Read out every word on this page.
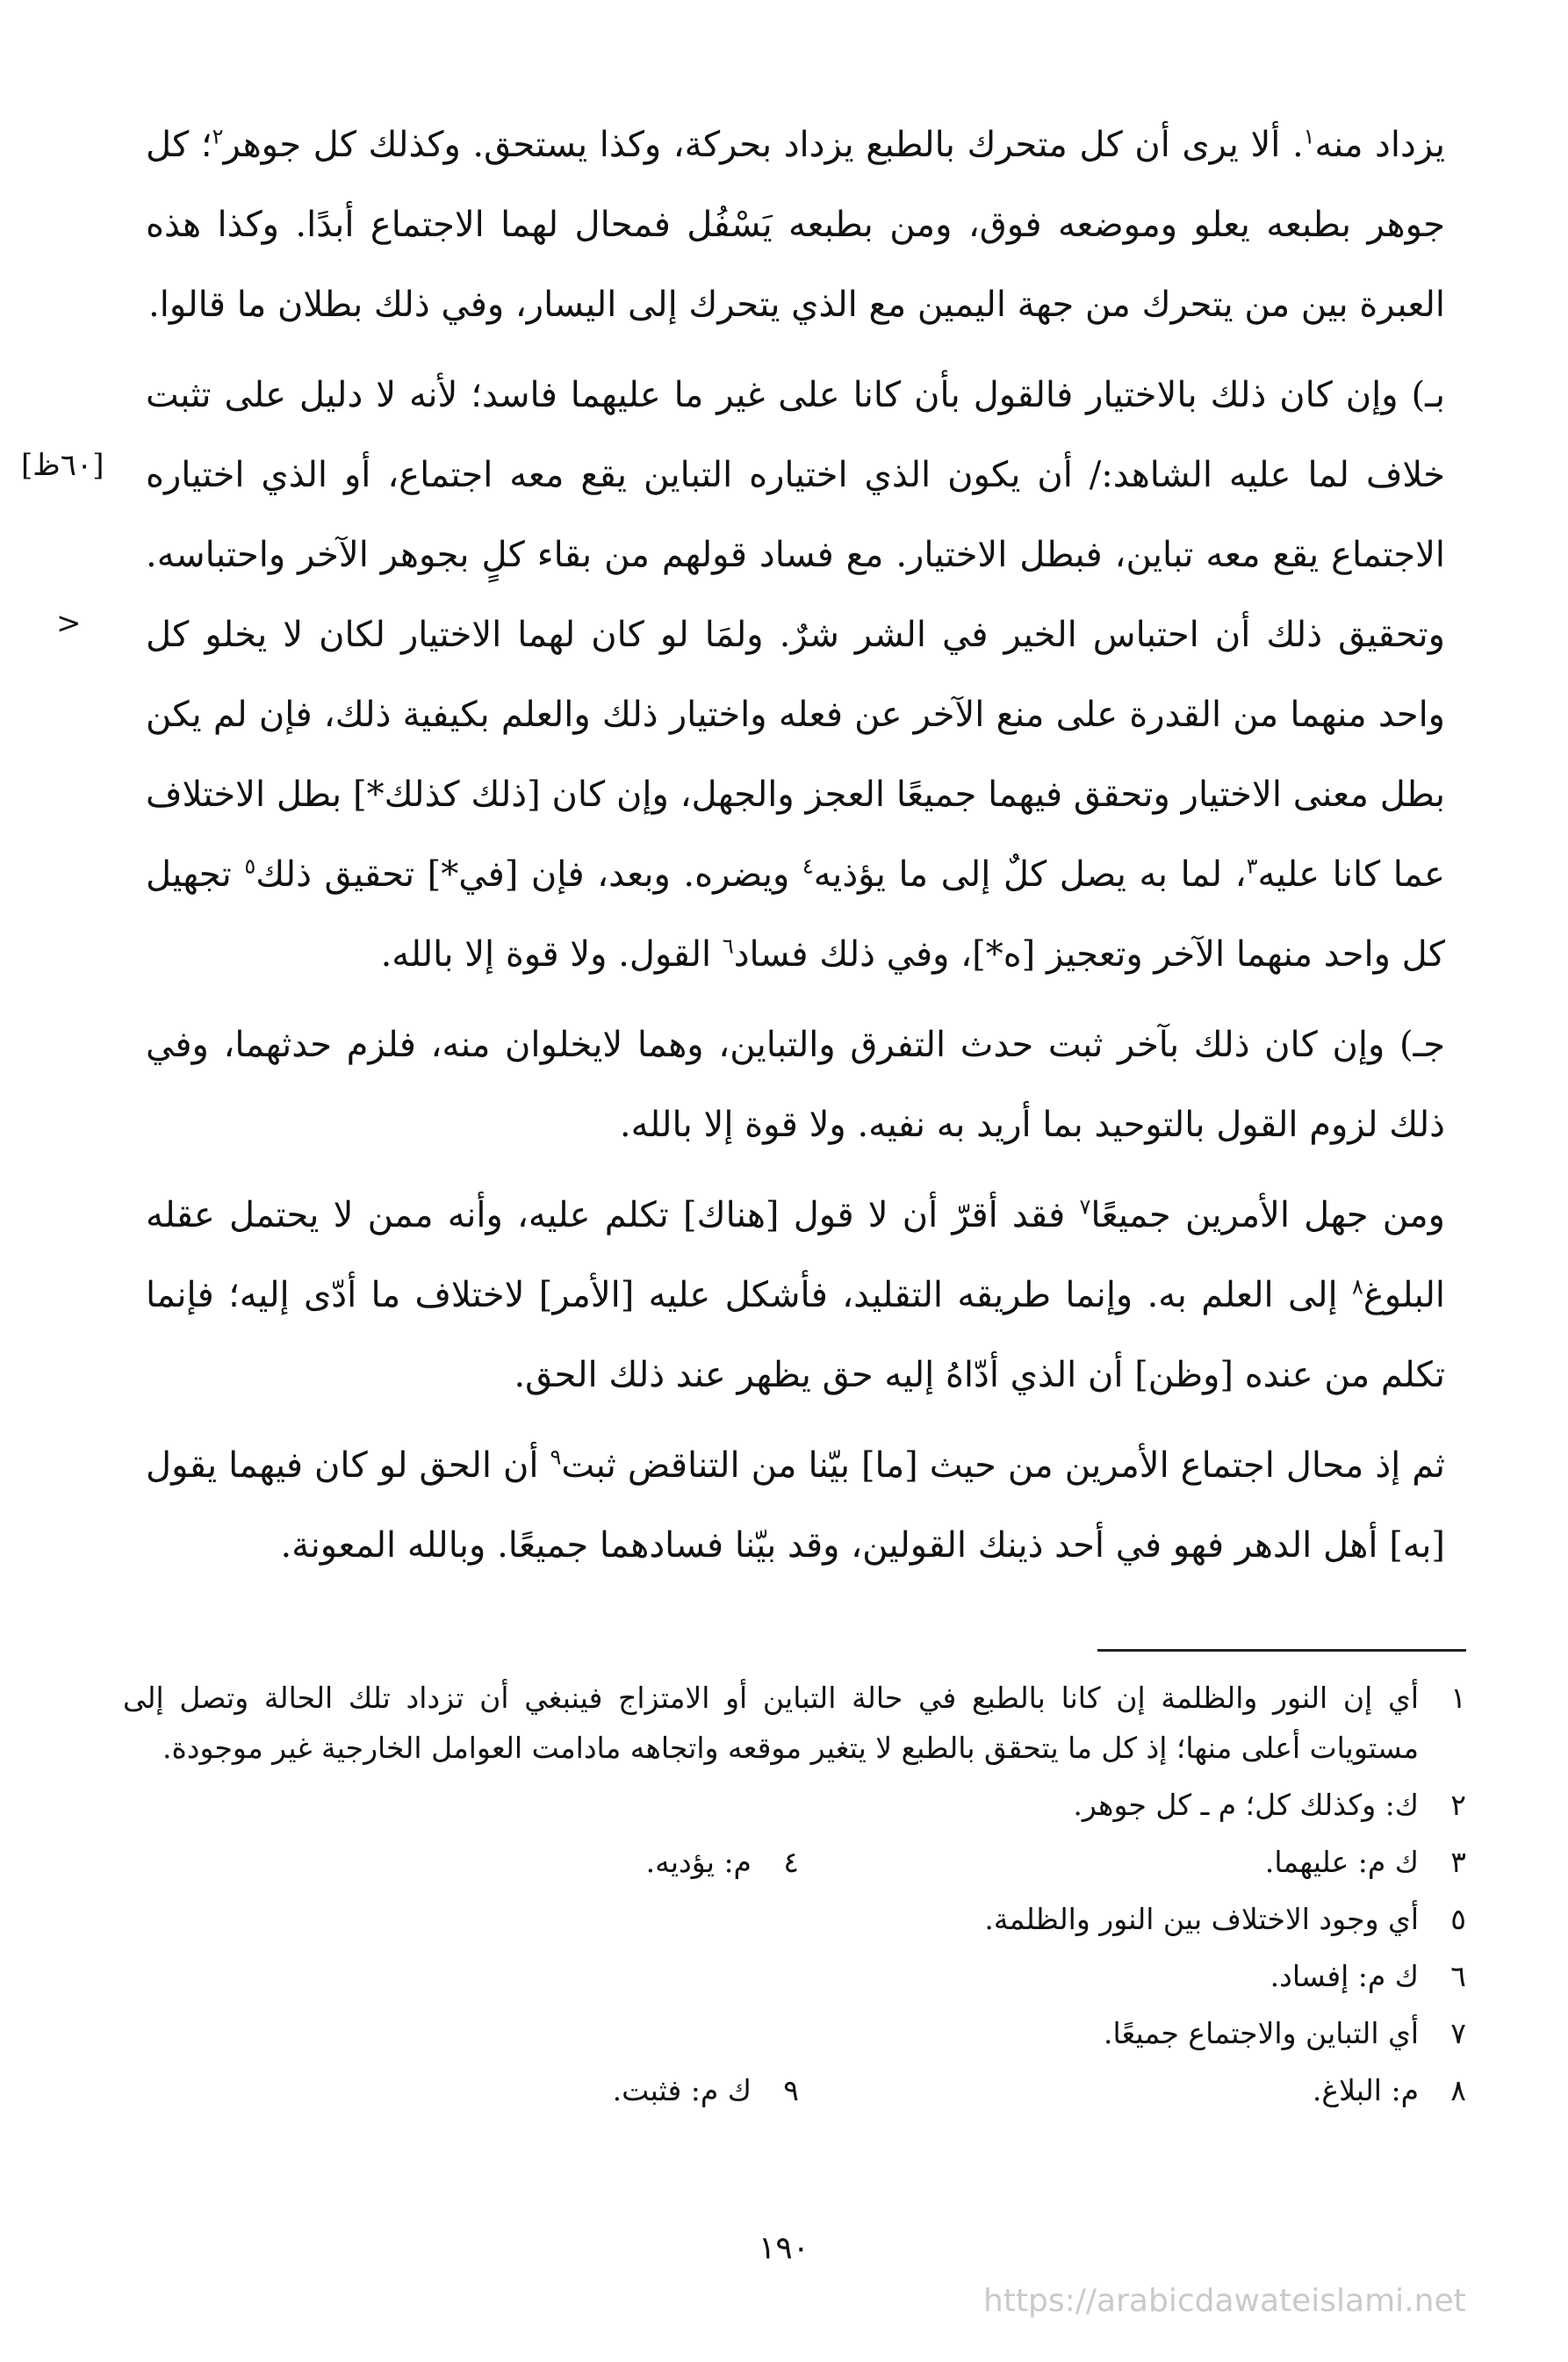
[٦٠ظ]
<

يزداد منه$^١$. ألا يرى أن كل متحرك بالطبع يزداد بحركة، وكذا يستحق. وكذلك كل جوهر$^٢$؛ كل جوهر بطبعه يعلو وموضعه فوق، ومن بطبعه يَسْفُل فمحال لهما الاجتماع أبدًا. وكذا هذه العبرة بين من يتحرك من جهة اليمين مع الذي يتحرك إلى اليسار، وفي ذلك بطلان ما قالوا.

بـ) وإن كان ذلك بالاختيار فالقول بأن كانا على غير ما عليهما فاسد؛ لأنه لا دليل على تثبت خلاف لما عليه الشاهد:/ أن يكون الذي اختياره التباين يقع معه اجتماع، أو الذي اختياره الاجتماع يقع معه تباين، فبطل الاختيار. مع فساد قولهم من بقاء كلٍ بجوهر الآخر واحتباسه. وتحقيق ذلك أن احتباس الخير في الشر شرٌ. ولمَا لو كان لهما الاختيار لكان لا يخلو كل واحد منهما من القدرة على منع الآخر عن فعله واختيار ذلك والعلم بكيفية ذلك، فإن لم يكن بطل معنى الاختيار وتحقق فيهما جميعًا العجز والجهل، وإن كان [ذلك كذلك*] بطل الاختلاف عما كانا عليه$^٣$، لما به يصل كلٌ إلى ما يؤذيه$^٤$ ويضره. وبعد، فإن [في*] تحقيق ذلك$^٥$ تجهيل كل واحد منهما الآخر وتعجيز [ه*]، وفي ذلك فساد$^٦$ القول. ولا قوة إلا بالله.

جـ) وإن كان ذلك بآخر ثبت حدث التفرق والتباين، وهما لايخلوان منه، فلزم حدثهما، وفي ذلك لزوم القول بالتوحيد بما أريد به نفيه. ولا قوة إلا بالله.

ومن جهل الأمرين جميعًا$^٧$ فقد أقرّ أن لا قول [هناك] تكلم عليه، وأنه ممن لا يحتمل عقله البلوغ$^٨$ إلى العلم به. وإنما طريقه التقليد، فأشكل عليه [الأمر] لاختلاف ما أدّى إليه؛ فإنما تكلم من عنده [وظن] أن الذي أدّاهُ إليه حق يظهر عند ذلك الحق.

ثم إذ محال اجتماع الأمرين من حيث [ما] بيّنا من التناقض ثبت$^٩$ أن الحق لو كان فيهما يقول [به] أهل الدهر فهو في أحد ذينك القولين، وقد بيّنا فسادهما جميعًا. وبالله المعونة.

١
أي إن النور والظلمة إن كانا بالطبع في حالة التباين أو الامتزاج فينبغي أن تزداد تلك الحالة وتصل إلى مستويات أعلى منها؛ إذ كل ما يتحقق بالطبع لا يتغير موقعه واتجاهه مادامت العوامل الخارجية غير موجودة.
٢
ك: وكذلك كل؛ م ـ كل جوهر.
٣
ك م: عليهما.
٤
م: يؤديه.
٥
أي وجود الاختلاف بين النور والظلمة.
٦
ك م: إفساد.
٧
أي التباين والاجتماع جميعًا.
٨
م: البلاغ.
٩
ك م: فثبت.
١٩٠
https://arabicdawateislami.net
